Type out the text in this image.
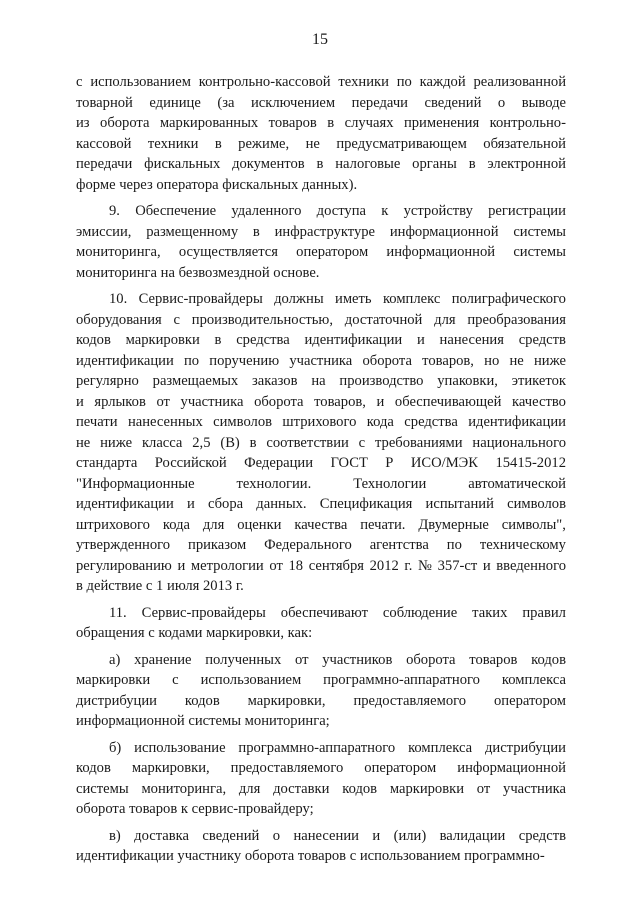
15
с использованием контрольно-кассовой техники по каждой реализованной
товарной единице (за исключением передачи сведений о выводе
из оборота маркированных товаров в случаях применения контрольно-
кассовой техники в режиме, не предусматривающем обязательной
передачи фискальных документов в налоговые органы в электронной
форме через оператора фискальных данных).
9. Обеспечение удаленного доступа к устройству регистрации
эмиссии, размещенному в инфраструктуре информационной системы
мониторинга, осуществляется оператором информационной системы
мониторинга на безвозмездной основе.
10. Сервис-провайдеры должны иметь комплекс полиграфического
оборудования с производительностью, достаточной для преобразования
кодов маркировки в средства идентификации и нанесения средств
идентификации по поручению участника оборота товаров, но не ниже
регулярно размещаемых заказов на производство упаковки, этикеток
и ярлыков от участника оборота товаров, и обеспечивающей качество
печати нанесенных символов штрихового кода средства идентификации
не ниже класса 2,5 (B) в соответствии с требованиями национального
стандарта Российской Федерации ГОСТ Р ИСО/МЭК 15415-2012
"Информационные	технологии.	Технологии	автоматической
идентификации и сбора данных. Спецификация испытаний символов
штрихового кода для оценки качества печати. Двумерные символы",
утвержденного приказом Федерального агентства по техническому
регулированию и метрологии от 18 сентября 2012 г. № 357-ст и введенного
в действие с 1 июля 2013 г.
11. Сервис-провайдеры обеспечивают соблюдение таких правил
обращения с кодами маркировки, как:
а) хранение полученных от участников оборота товаров кодов
маркировки с использованием программно-аппаратного комплекса
дистрибуции кодов маркировки, предоставляемого оператором
информационной системы мониторинга;
б) использование программно-аппаратного комплекса дистрибуции
кодов маркировки, предоставляемого оператором информационной
системы мониторинга, для доставки кодов маркировки от участника
оборота товаров к сервис-провайдеру;
в) доставка сведений о нанесении и (или) валидации средств
идентификации участнику оборота товаров с использованием программно-
